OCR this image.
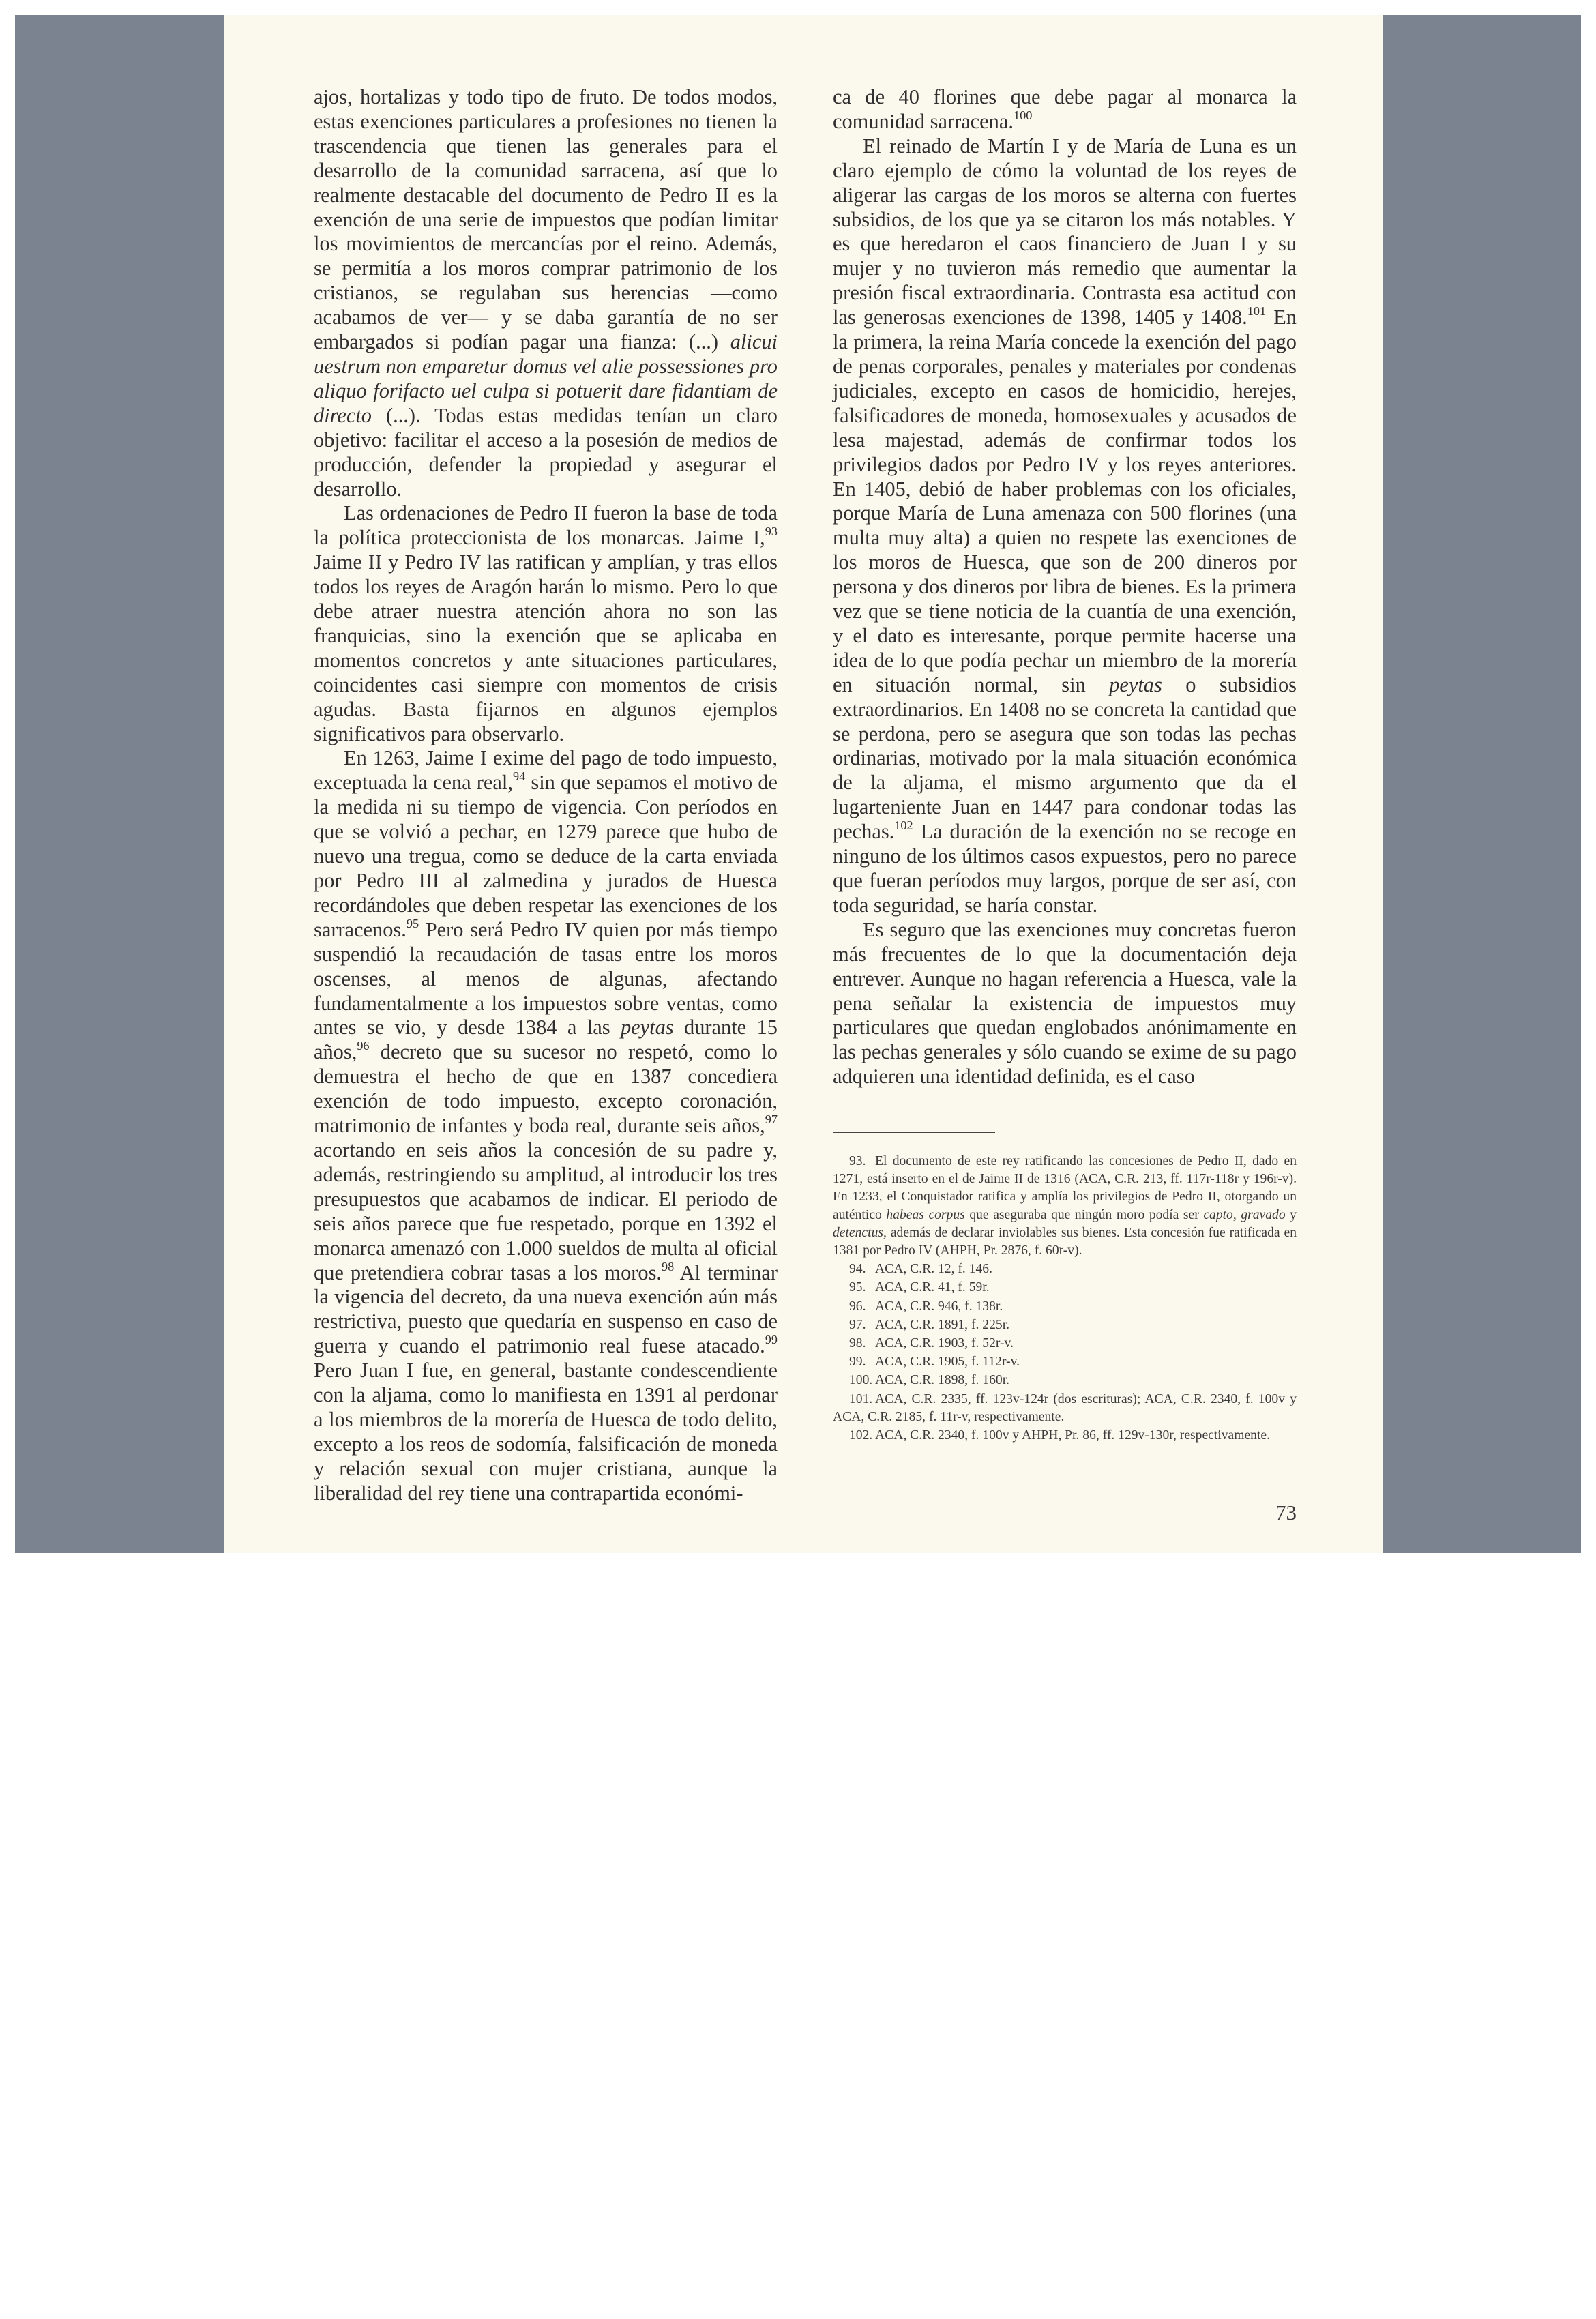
ajos, hortalizas y todo tipo de fruto. De todos modos, estas exenciones particulares a profesiones no tienen la trascendencia que tienen las generales para el desarrollo de la comunidad sarracena, así que lo realmente destacable del documento de Pedro II es la exención de una serie de impuestos que podían limitar los movimientos de mercancías por el reino. Además, se permitía a los moros comprar patrimonio de los cristianos, se regulaban sus herencias —como acabamos de ver— y se daba garantía de no ser embargados si podían pagar una fianza: (...) alicui uestrum non emparetur domus vel alie possessiones pro aliquo forifacto uel culpa si potuerit dare fidantiam de directo (...). Todas estas medidas tenían un claro objetivo: facilitar el acceso a la posesión de medios de producción, defender la propiedad y asegurar el desarrollo.

Las ordenaciones de Pedro II fueron la base de toda la política proteccionista de los monarcas. Jaime I,$^{93}$ Jaime II y Pedro IV las ratifican y amplían, y tras ellos todos los reyes de Aragón harán lo mismo. Pero lo que debe atraer nuestra atención ahora no son las franquicias, sino la exención que se aplicaba en momentos concretos y ante situaciones particulares, coincidentes casi siempre con momentos de crisis agudas. Basta fijarnos en algunos ejemplos significativos para observarlo.

En 1263, Jaime I exime del pago de todo impuesto, exceptuada la cena real,$^{94}$ sin que sepamos el motivo de la medida ni su tiempo de vigencia. Con períodos en que se volvió a pechar, en 1279 parece que hubo de nuevo una tregua, como se deduce de la carta enviada por Pedro III al zalmedina y jurados de Huesca recordándoles que deben respetar las exenciones de los sarracenos.$^{95}$ Pero será Pedro IV quien por más tiempo suspendió la recaudación de tasas entre los moros oscenses, al menos de algunas, afectando fundamentalmente a los impuestos sobre ventas, como antes se vio, y desde 1384 a las peytas durante 15 años,$^{96}$ decreto que su sucesor no respetó, como lo demuestra el hecho de que en 1387 concediera exención de todo impuesto, excepto coronación, matrimonio de infantes y boda real, durante seis años,$^{97}$ acortando en seis años la concesión de su padre y, además, restringiendo su amplitud, al introducir los tres presupuestos que acabamos de indicar. El periodo de seis años parece que fue respetado, porque en 1392 el monarca amenazó con 1.000 sueldos de multa al oficial que pretendiera cobrar tasas a los moros.$^{98}$ Al terminar la vigencia del decreto, da una nueva exención aún más restrictiva, puesto que quedaría en suspenso en caso de guerra y cuando el patrimonio real fuese atacado.$^{99}$ Pero Juan I fue, en general, bastante condescendiente con la aljama, como lo manifiesta en 1391 al perdonar a los miembros de la morería de Huesca de todo delito, excepto a los reos de sodomía, falsificación de moneda y relación sexual con mujer cristiana, aunque la liberalidad del rey tiene una contrapartida económi-

ca de 40 florines que debe pagar al monarca la comunidad sarracena.$^{100}$

El reinado de Martín I y de María de Luna es un claro ejemplo de cómo la voluntad de los reyes de aligerar las cargas de los moros se alterna con fuertes subsidios, de los que ya se citaron los más notables. Y es que heredaron el caos financiero de Juan I y su mujer y no tuvieron más remedio que aumentar la presión fiscal extraordinaria. Contrasta esa actitud con las generosas exenciones de 1398, 1405 y 1408.$^{101}$ En la primera, la reina María concede la exención del pago de penas corporales, penales y materiales por condenas judiciales, excepto en casos de homicidio, herejes, falsificadores de moneda, homosexuales y acusados de lesa majestad, además de confirmar todos los privilegios dados por Pedro IV y los reyes anteriores. En 1405, debió de haber problemas con los oficiales, porque María de Luna amenaza con 500 florines (una multa muy alta) a quien no respete las exenciones de los moros de Huesca, que son de 200 dineros por persona y dos dineros por libra de bienes. Es la primera vez que se tiene noticia de la cuantía de una exención, y el dato es interesante, porque permite hacerse una idea de lo que podía pechar un miembro de la morería en situación normal, sin peytas o subsidios extraordinarios. En 1408 no se concreta la cantidad que se perdona, pero se asegura que son todas las pechas ordinarias, motivado por la mala situación económica de la aljama, el mismo argumento que da el lugarteniente Juan en 1447 para condonar todas las pechas.$^{102}$ La duración de la exención no se recoge en ninguno de los últimos casos expuestos, pero no parece que fueran períodos muy largos, porque de ser así, con toda seguridad, se haría constar.

Es seguro que las exenciones muy concretas fueron más frecuentes de lo que la documentación deja entrever. Aunque no hagan referencia a Huesca, vale la pena señalar la existencia de impuestos muy particulares que quedan englobados anónimamente en las pechas generales y sólo cuando se exime de su pago adquieren una identidad definida, es el caso

93. El documento de este rey ratificando las concesiones de Pedro II, dado en 1271, está inserto en el de Jaime II de 1316 (ACA, C.R. 213, ff. 117r-118r y 196r-v). En 1233, el Conquistador ratifica y amplía los privilegios de Pedro II, otorgando un auténtico habeas corpus que aseguraba que ningún moro podía ser capto, gravado y detenctus, además de declarar inviolables sus bienes. Esta concesión fue ratificada en 1381 por Pedro IV (AHPH, Pr. 2876, f. 60r-v).

94. ACA, C.R. 12, f. 146.

95. ACA, C.R. 41, f. 59r.

96. ACA, C.R. 946, f. 138r.

97. ACA, C.R. 1891, f. 225r.

98. ACA, C.R. 1903, f. 52r-v.

99. ACA, C.R. 1905, f. 112r-v.

100. ACA, C.R. 1898, f. 160r.

101. ACA, C.R. 2335, ff. 123v-124r (dos escrituras); ACA, C.R. 2340, f. 100v y ACA, C.R. 2185, f. 11r-v, respectivamente.

102. ACA, C.R. 2340, f. 100v y AHPH, Pr. 86, ff. 129v-130r, respectivamente.

73
